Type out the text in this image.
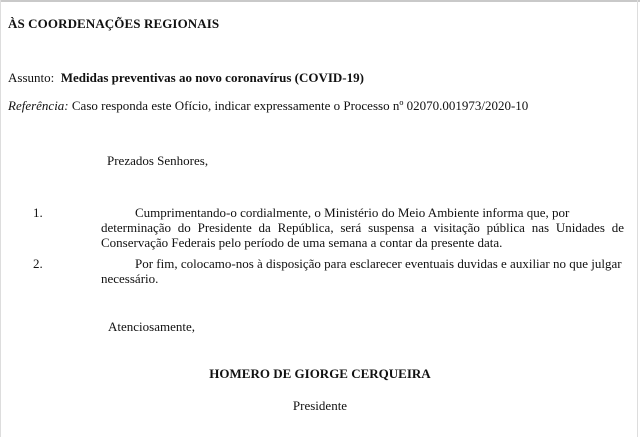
ÀS COORDENAÇÕES REGIONAIS
Assunto: Medidas preventivas ao novo coronavírus (COVID-19)
Referência: Caso responda este Ofício, indicar expressamente o Processo nº 02070.001973/2020-10
Prezados Senhores,
1.	Cumprimentando-o cordialmente, o Ministério do Meio Ambiente informa que, por
determinação do Presidente da República, será suspensa a visitação pública nas Unidades de Conservação Federais pelo período de uma semana a contar da presente data.
2.	Por fim, colocamo-nos à disposição para esclarecer eventuais duvidas e auxiliar no que julgar
necessário.
Atenciosamente,
HOMERO DE GIORGE CERQUEIRA
Presidente
